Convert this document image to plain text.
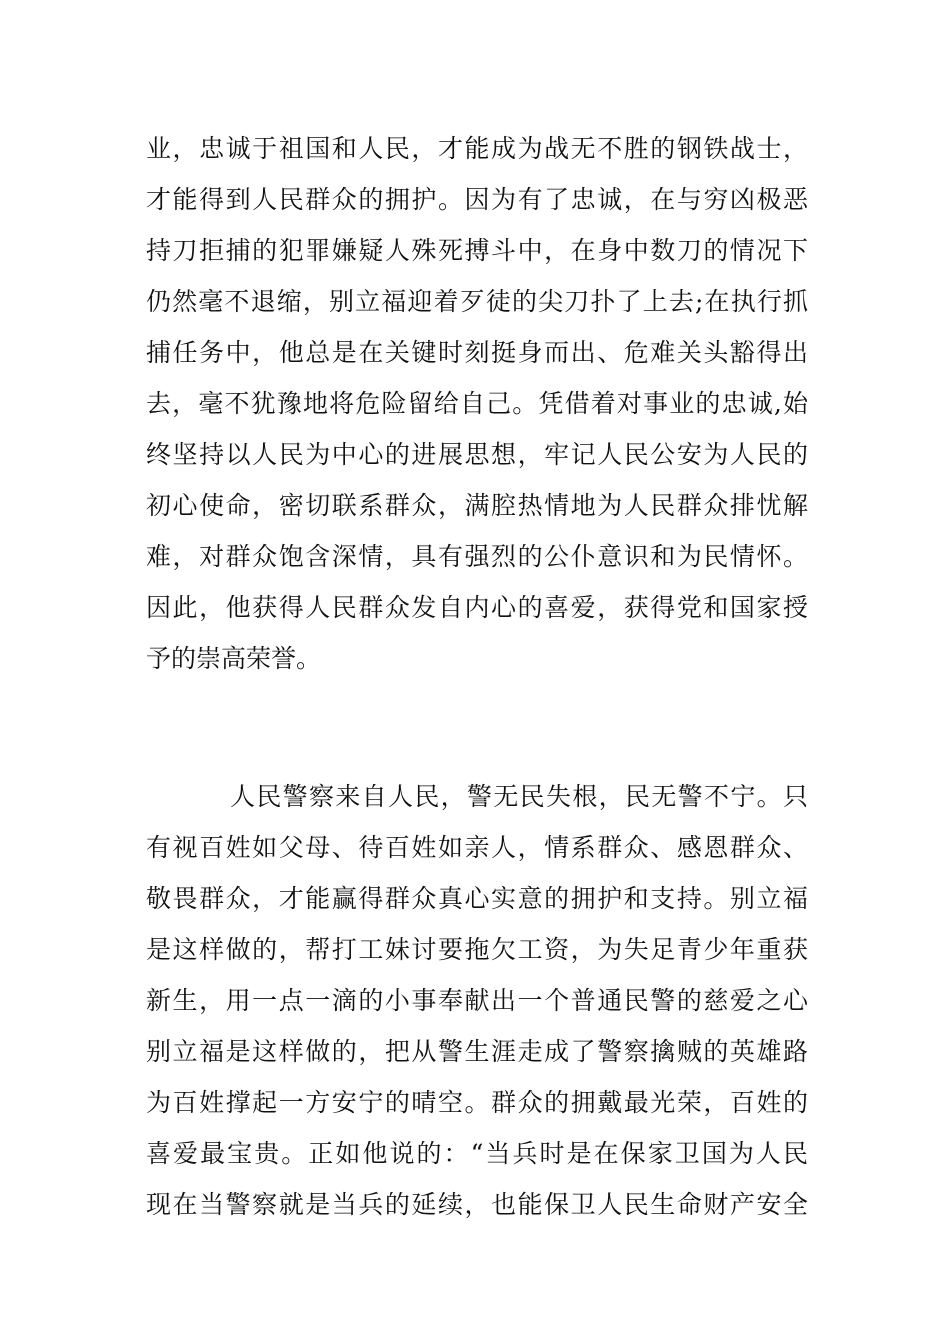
业，忠诚于祖国和人民，才能成为战无不胜的钢铁战士，
才能得到人民群众的拥护。因为有了忠诚，在与穷凶极恶
持刀拒捕的犯罪嫌疑人殊死搏斗中，在身中数刀的情况下
仍然毫不退缩，别立福迎着歹徒的尖刀扑了上去;在执行抓
捕任务中，他总是在关键时刻挺身而出、危难关头豁得出
去，毫不犹豫地将危险留给自己。凭借着对事业的忠诚,始
终坚持以人民为中心的进展思想，牢记人民公安为人民的
初心使命，密切联系群众，满腔热情地为人民群众排忧解
难，对群众饱含深情，具有强烈的公仆意识和为民情怀。
因此，他获得人民群众发自内心的喜爱，获得党和国家授
予的崇高荣誉。
人民警察来自人民，警无民失根，民无警不宁。只
有视百姓如父母、待百姓如亲人，情系群众、感恩群众、
敬畏群众，才能赢得群众真心实意的拥护和支持。别立福
是这样做的，帮打工妹讨要拖欠工资，为失足青少年重获
新生，用一点一滴的小事奉献出一个普通民警的慈爱之心
别立福是这样做的，把从警生涯走成了警察擒贼的英雄路
为百姓撑起一方安宁的晴空。群众的拥戴最光荣，百姓的
喜爱最宝贵。正如他说的：“当兵时是在保家卫国为人民
现在当警察就是当兵的延续，也能保卫人民生命财产安全
